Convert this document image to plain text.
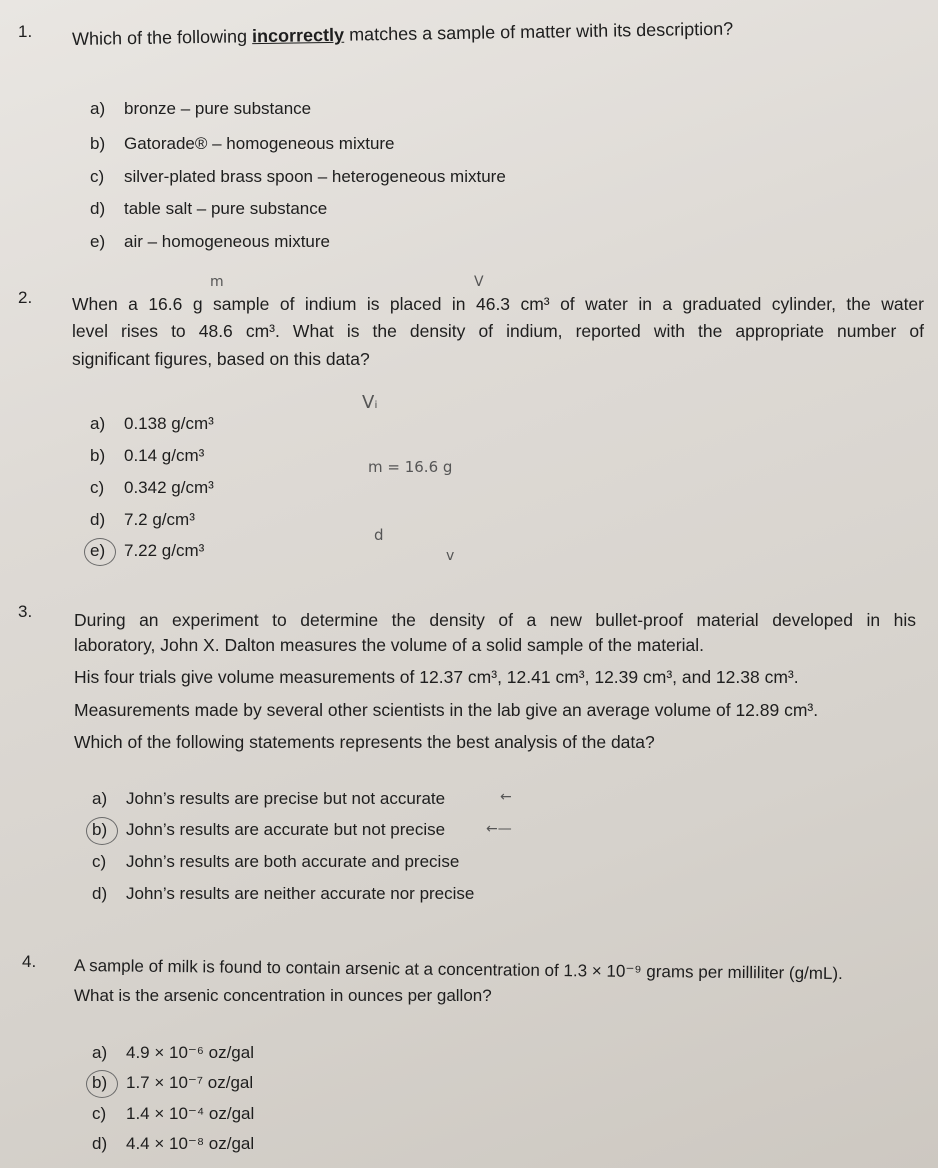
1. Which of the following incorrectly matches a sample of matter with its description?
a) bronze – pure substance
b) Gatorade® – homogeneous mixture
c) silver-plated brass spoon – heterogeneous mixture
d) table salt – pure substance
e) air – homogeneous mixture
m	V
2. When a 16.6 g sample of indium is placed in 46.3 cm³ of water in a graduated cylinder, the water
level rises to 48.6 cm³. What is the density of indium, reported with the appropriate number of
significant figures, based on this data?
a) 0.138 g/cm³
b) 0.14 g/cm³
c) 0.342 g/cm³
d) 7.2 g/cm³
e) 7.22 g/cm³
Vᵢ
m = 16.6 g
d
v
3. During an experiment to determine the density of a new bullet-proof material developed in his
laboratory, John X. Dalton measures the volume of a solid sample of the material.
His four trials give volume measurements of 12.37 cm³, 12.41 cm³, 12.39 cm³, and 12.38 cm³.
Measurements made by several other scientists in the lab give an average volume of 12.89 cm³.
Which of the following statements represents the best analysis of the data?
a) John’s results are precise but not accurate
b) John’s results are accurate but not precise
c) John’s results are both accurate and precise
d) John’s results are neither accurate nor precise
←
←—
4. A sample of milk is found to contain arsenic at a concentration of 1.3 × 10⁻⁹ grams per milliliter (g/mL).
What is the arsenic concentration in ounces per gallon?
a) 4.9 × 10⁻⁶ oz/gal
b) 1.7 × 10⁻⁷ oz/gal
c) 1.4 × 10⁻⁴ oz/gal
d) 4.4 × 10⁻⁸ oz/gal
